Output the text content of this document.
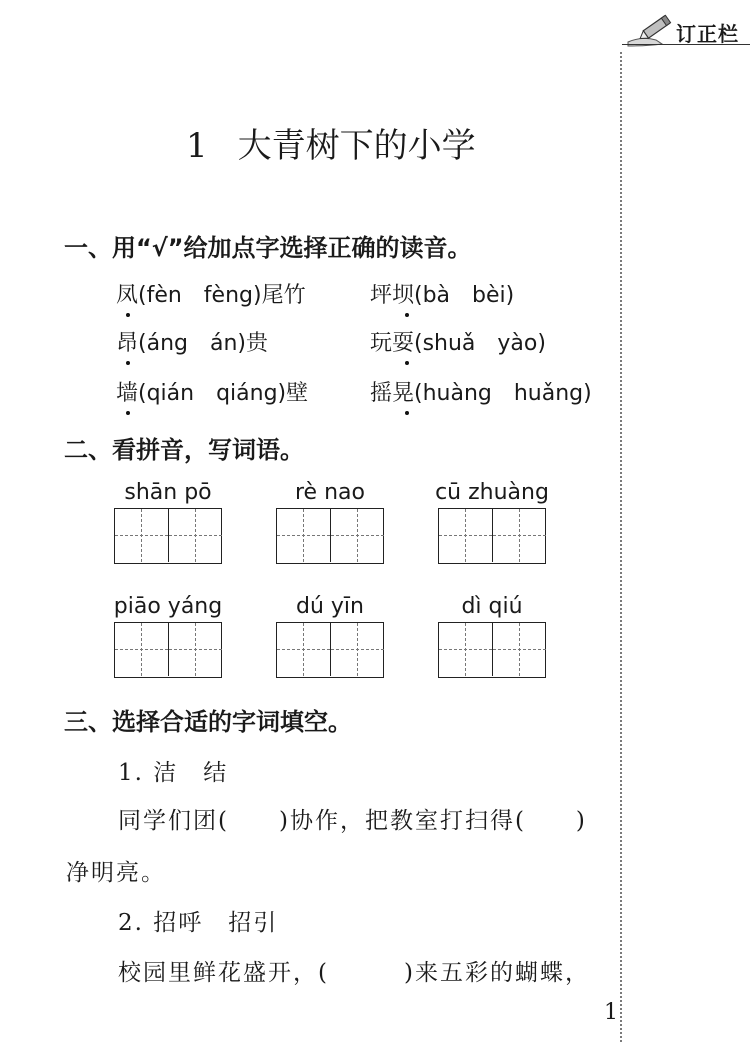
订正栏
1 大青树下的小学
一、用“√”给加点字选择正确的读音。
凤(fèn　fèng)尾竹	坪坝(bà　bèi)
昂(áng　án)贵	玩耍(shuǎ　yào)
墙(qián　qiáng)壁	摇晃(huàng　huǎng)
二、看拼音，写词语。
shān pō	rè nao	cū zhuàng
piāo yáng	dú yīn	dì qiú
三、选择合适的字词填空。
1. 洁　结
同学们团(　　)协作，把教室打扫得(　　)
净明亮。
2. 招呼　招引
校园里鲜花盛开，(　　　)来五彩的蝴蝶，
1
